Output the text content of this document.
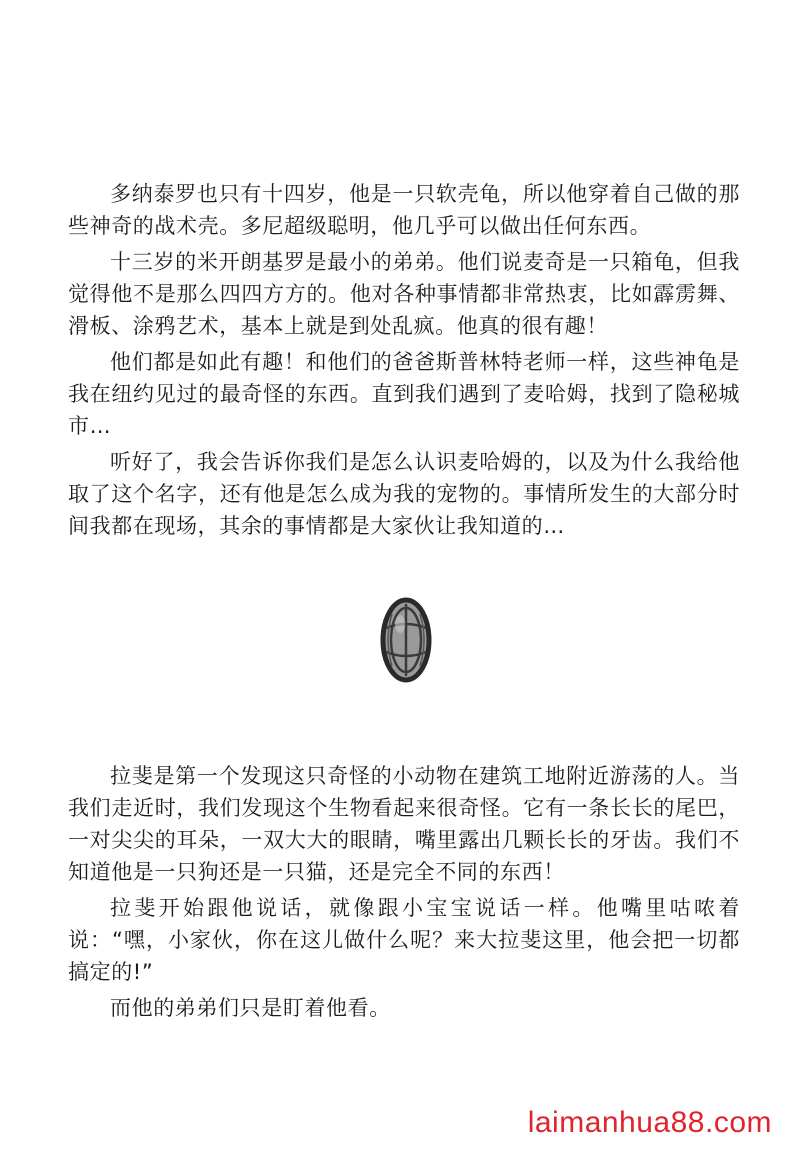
多纳泰罗也只有十四岁，他是一只软壳龟，所以他穿着自己做的那些神奇的战术壳。多尼超级聪明，他几乎可以做出任何东西。

十三岁的米开朗基罗是最小的弟弟。他们说麦奇是一只箱龟，但我觉得他不是那么四四方方的。他对各种事情都非常热衷，比如霹雳舞、滑板、涂鸦艺术，基本上就是到处乱疯。他真的很有趣！

他们都是如此有趣！和他们的爸爸斯普林特老师一样，这些神龟是我在纽约见过的最奇怪的东西。直到我们遇到了麦哈姆，找到了隐秘城市…

听好了，我会告诉你我们是怎么认识麦哈姆的，以及为什么我给他取了这个名字，还有他是怎么成为我的宠物的。事情所发生的大部分时间我都在现场，其余的事情都是大家伙让我知道的…

拉斐是第一个发现这只奇怪的小动物在建筑工地附近游荡的人。当我们走近时，我们发现这个生物看起来很奇怪。它有一条长长的尾巴，一对尖尖的耳朵，一双大大的眼睛，嘴里露出几颗长长的牙齿。我们不知道他是一只狗还是一只猫，还是完全不同的东西！

拉斐开始跟他说话，就像跟小宝宝说话一样。他嘴里咕哝着说：“嘿，小家伙，你在这儿做什么呢？来大拉斐这里，他会把一切都搞定的!”

而他的弟弟们只是盯着他看。

laimanhua88.com
